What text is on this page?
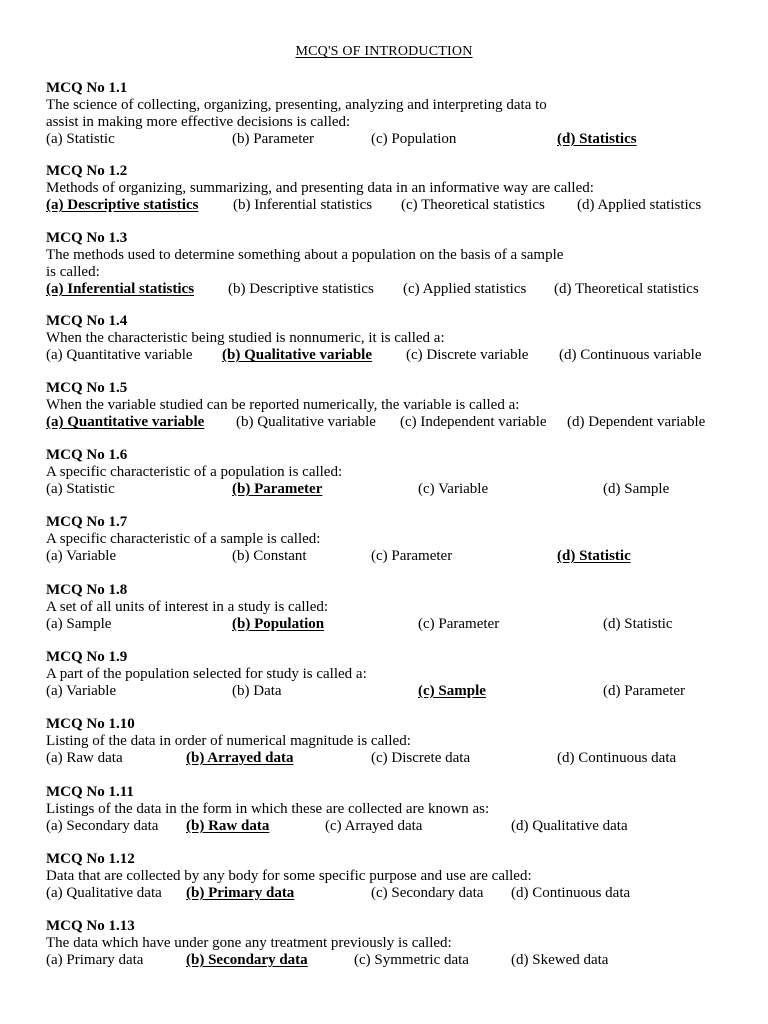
MCQ'S OF INTRODUCTION
MCQ No 1.1
The science of collecting, organizing, presenting, analyzing and interpreting data to
assist in making more effective decisions is called:
(a) Statistic	(b) Parameter	(c) Population	(d) Statistics
MCQ No 1.2
Methods of organizing, summarizing, and presenting data in an informative way are called:
(a) Descriptive statistics (b) Inferential statistics (c) Theoretical statistics (d) Applied statistics
MCQ No 1.3
The methods used to determine something about a population on the basis of a sample
is called:
(a) Inferential statistics (b) Descriptive statistics (c) Applied statistics (d) Theoretical statistics
MCQ No 1.4
When the characteristic being studied is nonnumeric, it is called a:
(a) Quantitative variable (b) Qualitative variable (c) Discrete variable (d) Continuous variable
MCQ No 1.5
When the variable studied can be reported numerically, the variable is called a:
(a) Quantitative variable (b) Qualitative variable (c) Independent variable (d) Dependent variable
MCQ No 1.6
A specific characteristic of a population is called:
(a) Statistic	(b) Parameter	(c) Variable	(d) Sample
MCQ No 1.7
A specific characteristic of a sample is called:
(a) Variable	(b) Constant	(c) Parameter	(d) Statistic
MCQ No 1.8
A set of all units of interest in a study is called:
(a) Sample	(b) Population	(c) Parameter	(d) Statistic
MCQ No 1.9
A part of the population selected for study is called a:
(a) Variable	(b) Data	(c) Sample	(d) Parameter
MCQ No 1.10
Listing of the data in order of numerical magnitude is called:
(a) Raw data	(b) Arrayed data	(c) Discrete data	(d) Continuous data
MCQ No 1.11
Listings of the data in the form in which these are collected are known as:
(a) Secondary data (b) Raw data	(c) Arrayed data	(d) Qualitative data
MCQ No 1.12
Data that are collected by any body for some specific purpose and use are called:
(a) Qualitative data (b) Primary data	(c) Secondary data (d) Continuous data
MCQ No 1.13
The data which have under gone any treatment previously is called:
(a) Primary data	(b) Secondary data	(c) Symmetric data	(d) Skewed data
